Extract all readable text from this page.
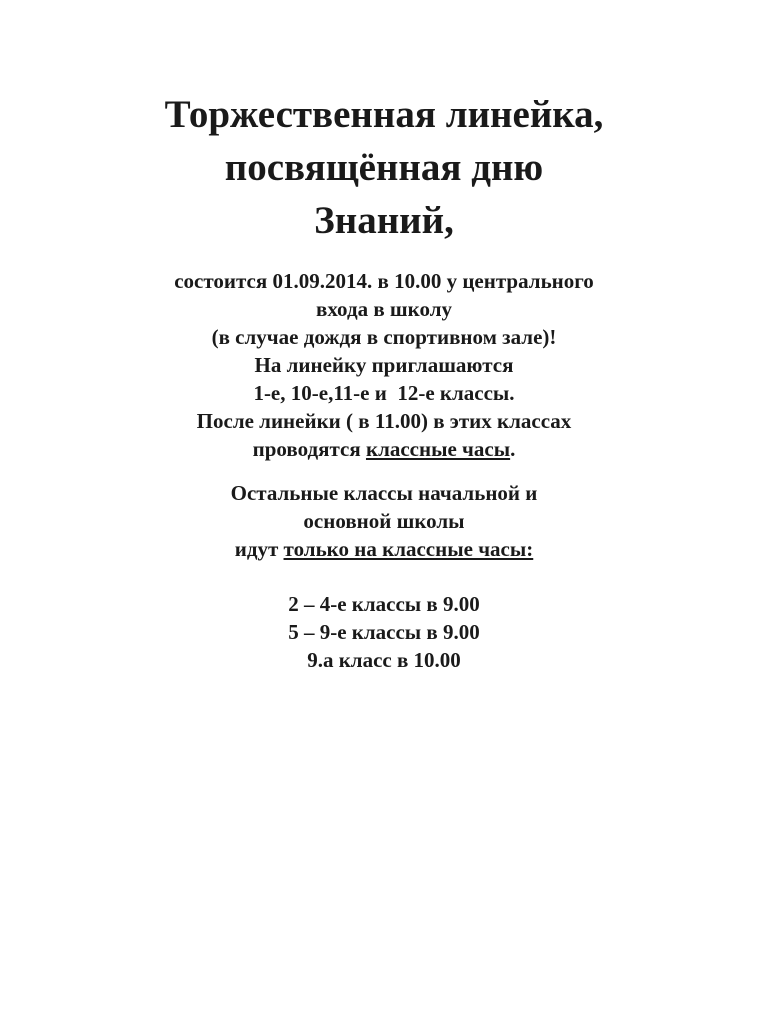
Торжественная линейка,
посвящённая дню
Знаний,
состоится 01.09.2014. в 10.00 у центрального
входа в школу
(в случае дождя в спортивном зале)!
На линейку приглашаются
1-е, 10-е,11-е и  12-е классы.
После линейки ( в 11.00) в этих классах
проводятся классные часы.
Остальные классы начальной и
основной школы
идут только на классные часы:
2 – 4-е классы в 9.00
5 – 9-е классы в 9.00
9.а класс в 10.00
